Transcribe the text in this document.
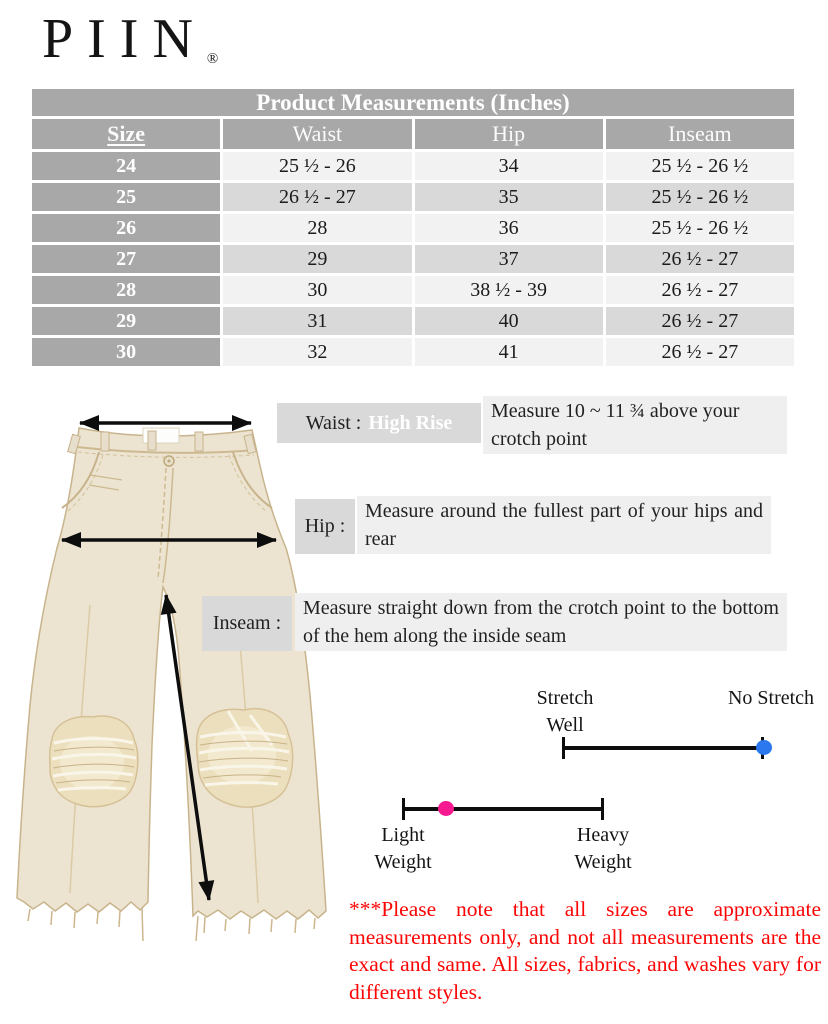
PIIN®
Product Measurements (Inches)			
Size	Waist	Hip	Inseam
24	25 ½ - 26	34	25 ½ - 26 ½
25	26 ½ - 27	35	25 ½ - 26 ½
26	28	36	25 ½ - 26 ½
27	29	37	26 ½ - 27
28	30	38 ½ - 39	26 ½ - 27
29	31	40	26 ½ - 27
30	32	41	26 ½ - 27
Waist : High Rise
Measure 10 ~ 11 ¾ above your crotch point
Hip :
Measure around the fullest part of your hips and rear
Inseam :
Measure straight down from the crotch point to the bottom of the hem along the inside seam
Stretch Well
No Stretch
Light Weight
Heavy Weight
***Please note that all sizes are approximate measurements only, and not all measurements are the exact and same. All sizes, fabrics, and washes vary for different styles.
